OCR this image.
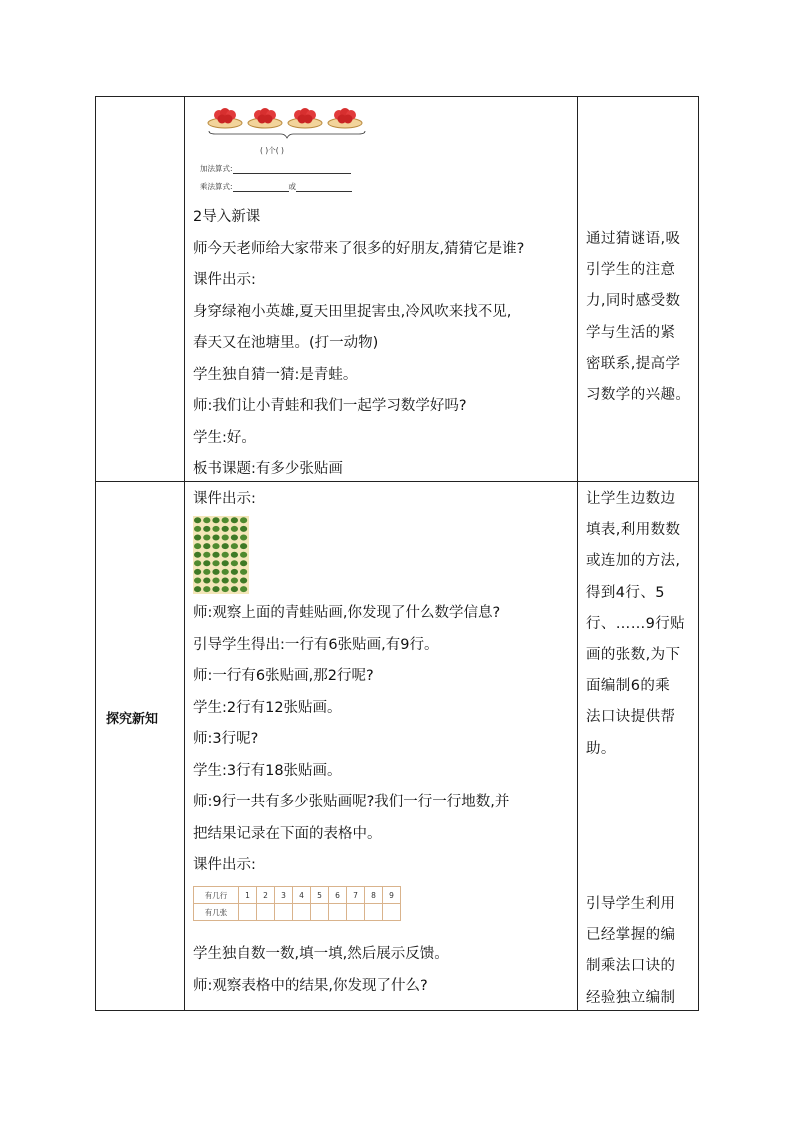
( )个( )
加法算式:
乘法算式:	或
2导入新课
师今天老师给大家带来了很多的好朋友,猜猜它是谁?
课件出示:
身穿绿袍小英雄,夏天田里捉害虫,冷风吹来找不见,
春天又在池塘里。(打一动物)
学生独自猜一猜:是青蛙。
师:我们让小青蛙和我们一起学习数学好吗?
学生:好。
板书课题:有多少张贴画
通过猜谜语,吸
引学生的注意
力,同时感受数
学与生活的紧
密联系,提高学
习数学的兴趣。
探究新知
课件出示:
师:观察上面的青蛙贴画,你发现了什么数学信息?
引导学生得出:一行有6张贴画,有9行。
师:一行有6张贴画,那2行呢?
学生:2行有12张贴画。
师:3行呢?
学生:3行有18张贴画。
师:9行一共有多少张贴画呢?我们一行一行地数,并
把结果记录在下面的表格中。
课件出示:
有几行	1	2	3	4	5	6	7	8	9
有几张									
学生独自数一数,填一填,然后展示反馈。
师:观察表格中的结果,你发现了什么?
让学生边数边
填表,利用数数
或连加的方法,
得到4行、5
行、……9行贴
画的张数,为下
面编制6的乘
法口诀提供帮
助。
引导学生利用
已经掌握的编
制乘法口诀的
经验独立编制
